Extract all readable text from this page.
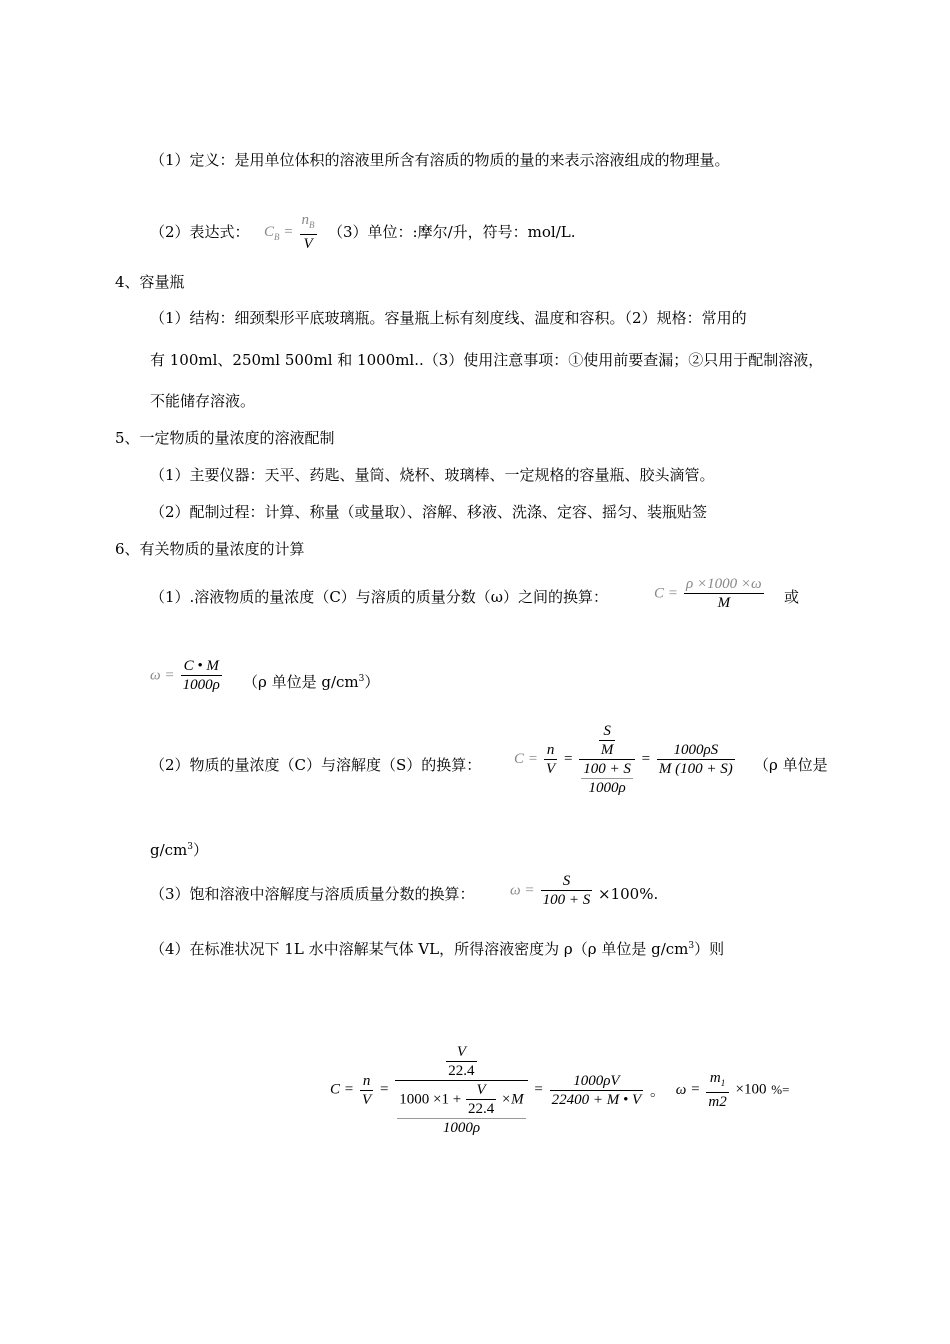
（1）定义：是用单位体积的溶液里所含有溶质的物质的量的来表示溶液组成的物理量。
（2）表达式： $C_B = \frac{n_B}{V} (3)$单位：:摩尔/升，符号：mol/L.
4、容量瓶
（1）结构：细颈梨形平底玻璃瓶。容量瓶上标有刻度线、温度和容积。（2）规格：常用的
有 100ml、250ml 500ml 和 1000ml..（3）使用注意事项：①使用前要查漏；②只用于配制溶液，
不能储存溶液。
5、一定物质的量浓度的溶液配制
（1）主要仪器：天平、药匙、量筒、烧杯、玻璃棒、一定规格的容量瓶、胶头滴管。
（2）配制过程：计算、称量（或量取）、溶解、移液、洗涤、定容、摇匀、装瓶贴签
6、有关物质的量浓度的计算
（1）.溶液物质的量浓度（C）与溶质的质量分数（ω）之间的换算：	$C = \frac{\rho \times 1000 \times\omega}{M}$ 或
$\omega = \frac{C • M}{1000\rho} (\rho$ 单位是 $g/cm^3$）
（2）物质的量浓度（C）与溶解度（S）的换算： $C = \frac{n}{V} = \frac{\frac{S}{M}}{\frac{100 + S}{1000\rho}} = \frac{1000\rho S}{M (100 + S)} (\rho$ 单位是
$g/cm^3$）
（3）饱和溶液中溶解度与溶质质量分数的换算： $\omega = \frac{S}{100 + S} \times 100\%$.
（4）在标准状况下 1L 水中溶解某气体 VL，所得溶液密度为 ρ（ρ 单位是 $g/cm^3$）则
$C = \frac{n}{V}$ =
$\frac{V}{22.4}$
$1000 \times 1 + \frac{V}{22.4} \times M$
1000ρ
= $\frac{1000\rho V}{22400 + M • V}$ 。 $\omega = \frac{m_1}{m2} \times 100$ %=
